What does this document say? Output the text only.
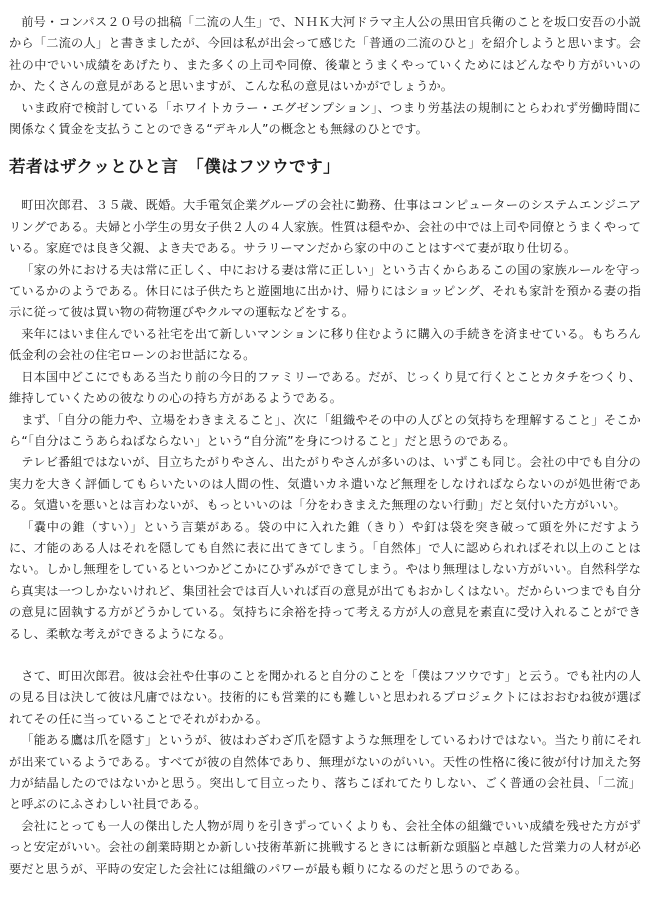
前号・コンパス２０号の拙稿「二流の人生」で、ＮＨＫ大河ドラマ主人公の黒田官兵衛のことを坂口安吾の小説から「二流の人」と書きましたが、今回は私が出会って感じた「普通の二流のひと」を紹介しようと思います。会社の中でいい成績をあげたり、また多くの上司や同僚、後輩とうまくやっていくためにはどんなやり方がいいのか、たくさんの意見があると思いますが、こんな私の意見はいかがでしょうか。

いま政府で検討している「ホワイトカラー・エグゼンプション」、つまり労基法の規制にとらわれず労働時間に関係なく賃金を支払うことのできる“デキル人”の概念とも無縁のひとです。

若者はザクッとひと言　「僕はフツウです」

町田次郎君、３５歳、既婚。大手電気企業グループの会社に勤務、仕事はコンピューターのシステムエンジニアリングである。夫婦と小学生の男女子供２人の４人家族。性質は穏やか、会社の中では上司や同僚とうまくやっている。家庭では良き父親、よき夫である。サラリーマンだから家の中のことはすべて妻が取り仕切る。

「家の外における夫は常に正しく、中における妻は常に正しい」という古くからあるこの国の家族ルールを守っているかのようである。休日には子供たちと遊園地に出かけ、帰りにはショッピング、それも家計を預かる妻の指示に従って彼は買い物の荷物運びやクルマの運転などをする。

来年にはいま住んでいる社宅を出て新しいマンションに移り住むように購入の手続きを済ませている。もちろん低金利の会社の住宅ローンのお世話になる。

日本国中どこにでもある当たり前の今日的ファミリーである。だが、じっくり見て行くとことカタチをつくり、維持していくための彼なりの心の持ち方があるようである。

まず、「自分の能力や、立場をわきまえること」、次に「組織やその中の人びとの気持ちを理解すること」そこから“「自分はこうあらねばならない」という“自分流”を身につけること」だと思うのである。

テレビ番組ではないが、目立ちたがりやさん、出たがりやさんが多いのは、いずこも同じ。会社の中でも自分の実力を大きく評価してもらいたいのは人間の性、気遣いカネ遣いなど無理をしなければならないのが処世術である。気遣いを悪いとは言わないが、もっといいのは「分をわきまえた無理のない行動」だと気付いた方がいい。

「嚢中の錐（すい）」という言葉がある。袋の中に入れた錐（きり）や釘は袋を突き破って頭を外にだすように、才能のある人はそれを隠しても自然に表に出てきてしまう。「自然体」で人に認められればそれ以上のことはない。しかし無理をしているといつかどこかにひずみができてしまう。やはり無理はしない方がいい。自然科学なら真実は一つしかないけれど、集団社会では百人いれば百の意見が出てもおかしくはない。だからいつまでも自分の意見に固執する方がどうかしている。気持ちに余裕を持って考える方が人の意見を素直に受け入れることができるし、柔軟な考えができるようになる。

さて、町田次郎君。彼は会社や仕事のことを聞かれると自分のことを「僕はフツウです」と云う。でも社内の人の見る目は決して彼は凡庸ではない。技術的にも営業的にも難しいと思われるプロジェクトにはおおむね彼が選ばれてその任に当っていることでそれがわかる。

「能ある鷹は爪を隠す」というが、彼はわざわざ爪を隠すような無理をしているわけではない。当たり前にそれが出来ているようである。すべてが彼の自然体であり、無理がないのがいい。天性の性格に後に彼が付け加えた努力が結晶したのではないかと思う。突出して目立ったり、落ちこぼれてたりしない、ごく普通の会社員、「二流」と呼ぶのにふさわしい社員である。

会社にとっても一人の傑出した人物が周りを引きずっていくよりも、会社全体の組織でいい成績を残せた方がずっと安定がいい。会社の創業時期とか新しい技術革新に挑戦するときには斬新な頭脳と卓越した営業力の人材が必要だと思うが、平時の安定した会社には組織のパワーが最も頼りになるのだと思うのである。
